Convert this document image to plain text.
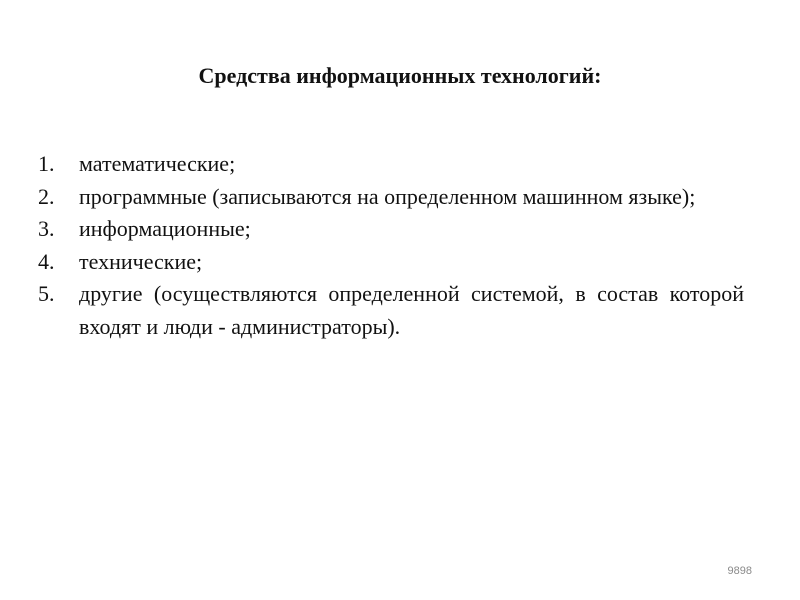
Средства информационных технологий:
1.	математические;
2.	программные (записываются на определенном машинном языке);
3.	информационные;
4.	технические;
5.	другие (осуществляются определенной системой, в состав которой входят и люди - администраторы).
9898
